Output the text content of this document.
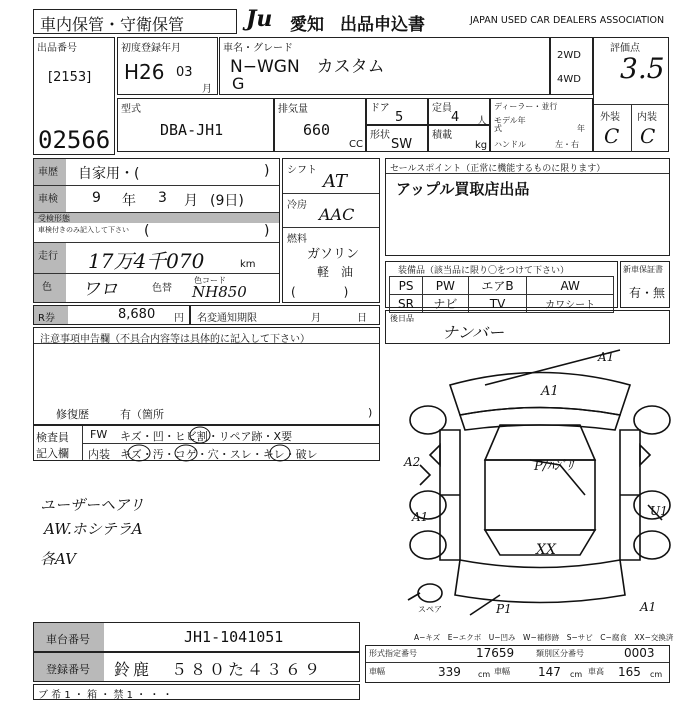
車内保管・守衛保管	Ju 愛知 出品申込書	JAPAN USED CAR DEALERS ASSOCIATION
出品番号
[2153]
02566
初度登録年月
H26 03
月
車名・グレード
N−WGN　カスタム
G
2WD
4WD
評価点
3.5
外装 内装
C C
型式
DBA-JH1
排気量
660
CC
ドア
5
定員
4 人
形状
SW
積載
kg
ディーラー・並行
モデル年式	年
ハンドル	左・右
車歴 自家用・(	)
車検 9 年 3 月 (9日)
受検形態
車検付きのみ記入して下さい (	)
走行 17万4千070	km
色 ワロ	色替
色コード
NH850
シフト
AT
冷房 AAC
燃料
ガソリン
軽　油
(　　　　)
セールスポイント（正常に機能するものに限ります）
アップル買取店出品
装備品（該当品に限り〇をつけて下さい）
PS	PW	エアB	AW
SR	ナビ	TV	カワシート
新車保証書
有・無
R券	8,680 円 名変通知期限	月	日	後日品
ナンバー
注意事項申告欄（不具合内容等は具体的に記入して下さい）
修復歴	有（箇所	)
検査員
記入欄
FW キズ・凹・ヒビ割・リペア跡・X要
内装 キズ・汚・コゲ・穴・スレ・キレ・破レ
ユーザーヘアリ
AW.ホシテラA
各AV
A1
P/ﾊｼﾞﾘ
XX
A2
A1	U1
P1	A1
A1
スペア
A−キズ　E−エクボ　U−凹み　W−補修跡　S−サビ　C−腐食　XX−交換済
車台番号	JH1-1041051
登録番号 鈴鹿　５８０た４３６９
ブ 希 1 ・ 箱 ・ 禁 1 ・ ・ ・
形式指定番号	17659	類別区分番号	0003
車幅	339 cm 車幅 147 cm 車高 165 cm
